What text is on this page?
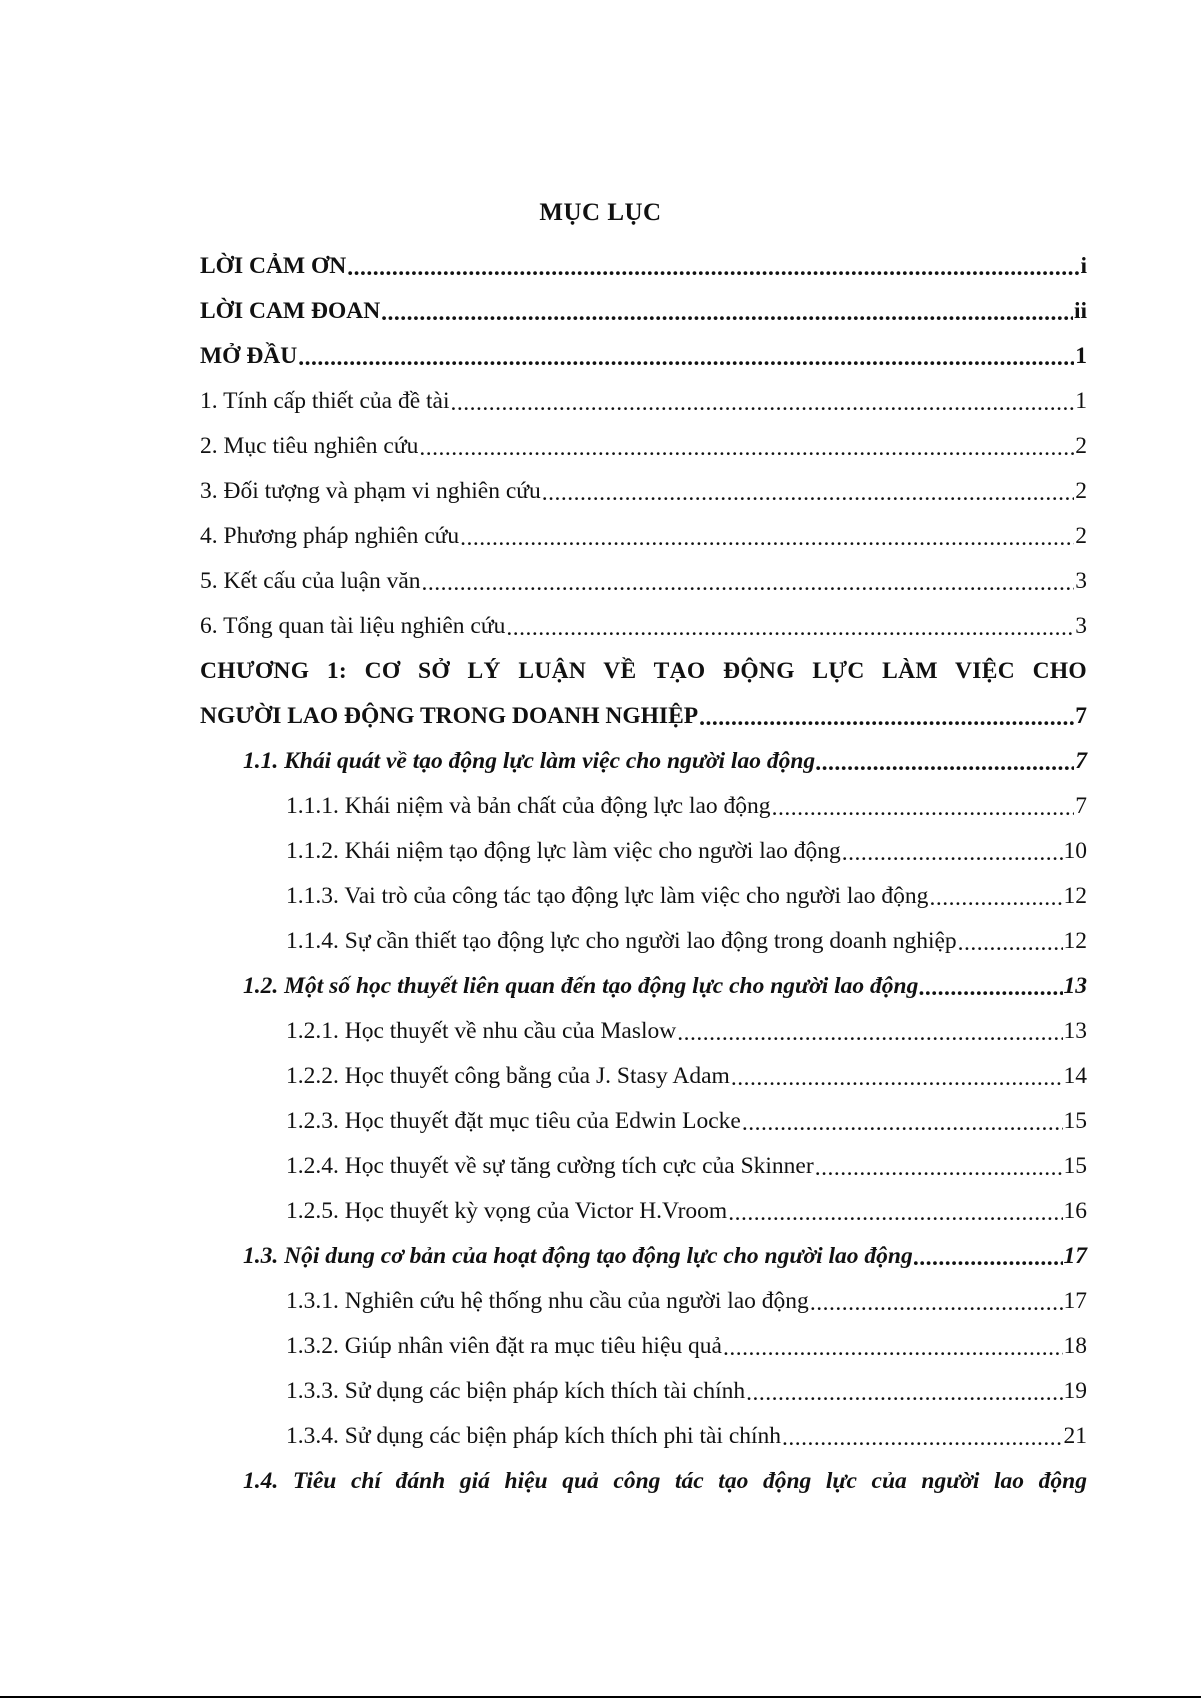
MỤC LỤC
LỜI CẢM ƠN .....	i
LỜI CAM ĐOAN .....	ii
MỞ ĐẦU .....	1
1. Tính cấp thiết của đề tài .....	1
2. Mục tiêu nghiên cứu .....	2
3. Đối tượng và phạm vi nghiên cứu .....	2
4. Phương pháp nghiên cứu .....	2
5. Kết cấu của luận văn .....	3
6. Tổng quan tài liệu nghiên cứu .....	3
CHƯƠNG 1: CƠ SỞ LÝ LUẬN VỀ TẠO ĐỘNG LỰC LÀM VIỆC CHO
NGƯỜI LAO ĐỘNG TRONG DOANH NGHIỆP .....	7
1.1. Khái quát về tạo động lực làm việc cho người lao động .....	7
1.1.1. Khái niệm và bản chất của động lực lao động .....	7
1.1.2. Khái niệm tạo động lực làm việc cho người lao động .....	10
1.1.3. Vai trò của công tác tạo động lực làm việc cho người lao động .....	12
1.1.4. Sự cần thiết tạo động lực cho người lao động trong doanh nghiệp .....	12
1.2. Một số học thuyết liên quan đến tạo động lực cho người lao động .....	13
1.2.1. Học thuyết về nhu cầu của Maslow .....	13
1.2.2. Học thuyết công bằng của J. Stasy Adam .....	14
1.2.3. Học thuyết đặt mục tiêu của Edwin Locke .....	15
1.2.4. Học thuyết về sự tăng cường tích cực của Skinner .....	15
1.2.5. Học thuyết kỳ vọng của Victor H.Vroom .....	16
1.3. Nội dung cơ bản của hoạt động tạo động lực cho người lao động .....	17
1.3.1. Nghiên cứu hệ thống nhu cầu của người lao động .....	17
1.3.2. Giúp nhân viên đặt ra mục tiêu hiệu quả .....	18
1.3.3. Sử dụng các biện pháp kích thích tài chính .....	19
1.3.4. Sử dụng các biện pháp kích thích phi tài chính .....	21
1.4. Tiêu chí đánh giá hiệu quả công tác tạo động lực của người lao động
